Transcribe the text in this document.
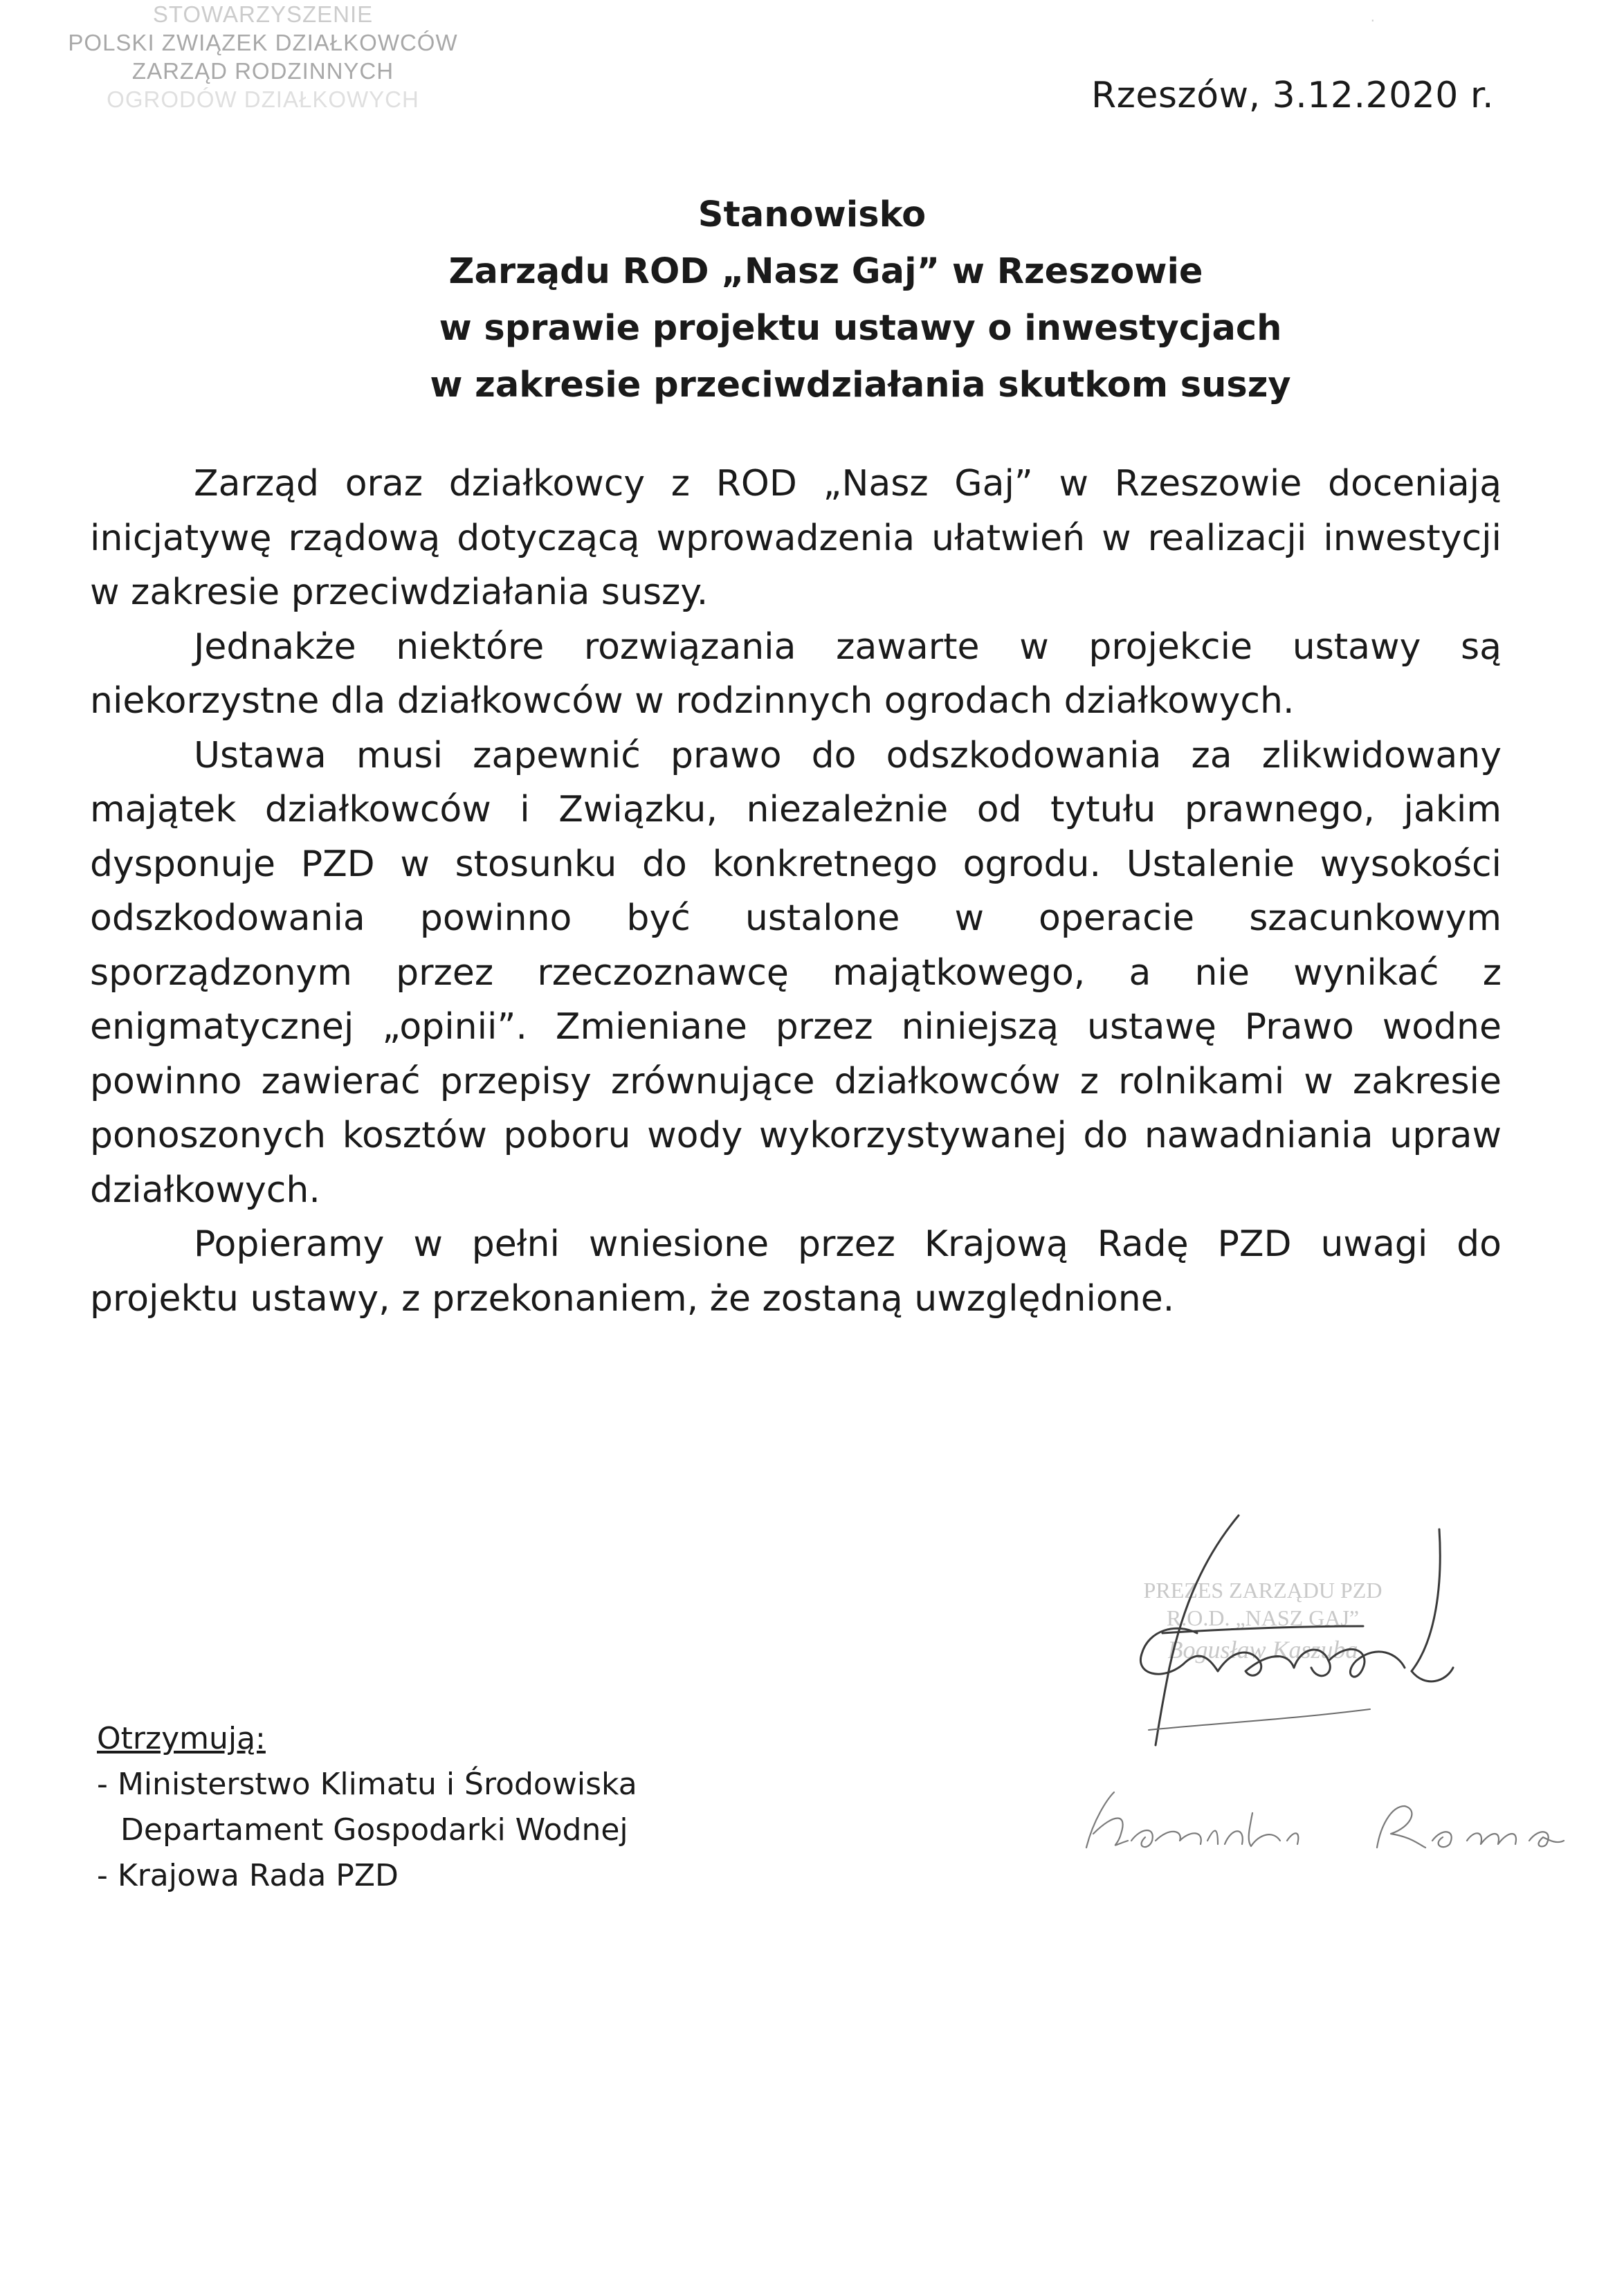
STOWARZYSZENIE
POLSKI ZWIĄZEK DZIAŁKOWCÓW
ZARZĄD RODZINNYCH
OGRODÓW DZIAŁKOWYCH
·
Rzeszów, 3.12.2020 r.
Stanowisko
Zarządu ROD „Nasz Gaj” w Rzeszowie
w sprawie projektu ustawy o inwestycjach
w zakresie przeciwdziałania skutkom suszy

Zarząd oraz działkowcy z ROD „Nasz Gaj” w Rzeszowie doceniają inicjatywę rządową dotyczącą wprowadzenia ułatwień w realizacji inwestycji w zakresie przeciwdziałania suszy.

Jednakże niektóre rozwiązania zawarte w projekcie ustawy są niekorzystne dla działkowców w rodzinnych ogrodach działkowych.

Ustawa musi zapewnić prawo do odszkodowania za zlikwidowany majątek działkowców i Związku, niezależnie od tytułu prawnego, jakim dysponuje PZD w stosunku do konkretnego ogrodu. Ustalenie wysokości odszkodowania powinno być ustalone w operacie szacunkowym sporządzonym przez rzeczoznawcę majątkowego, a nie wynikać z enigmatycznej „opinii”. Zmieniane przez niniejszą ustawę Prawo wodne powinno zawierać przepisy zrównujące działkowców z rolnikami w zakresie ponoszonych kosztów poboru wody wykorzystywanej do nawadniania upraw działkowych.

Popieramy w pełni wniesione przez Krajową Radę PZD uwagi do projektu ustawy, z przekonaniem, że zostaną uwzględnione.

PREZES ZARZĄDU PZD
R.O.D. „NASZ GAJ”
Bogusław Kaszuba
Otrzymują:
- Ministerstwo Klimatu i Środowiska
Departament Gospodarki Wodnej
- Krajowa Rada PZD
